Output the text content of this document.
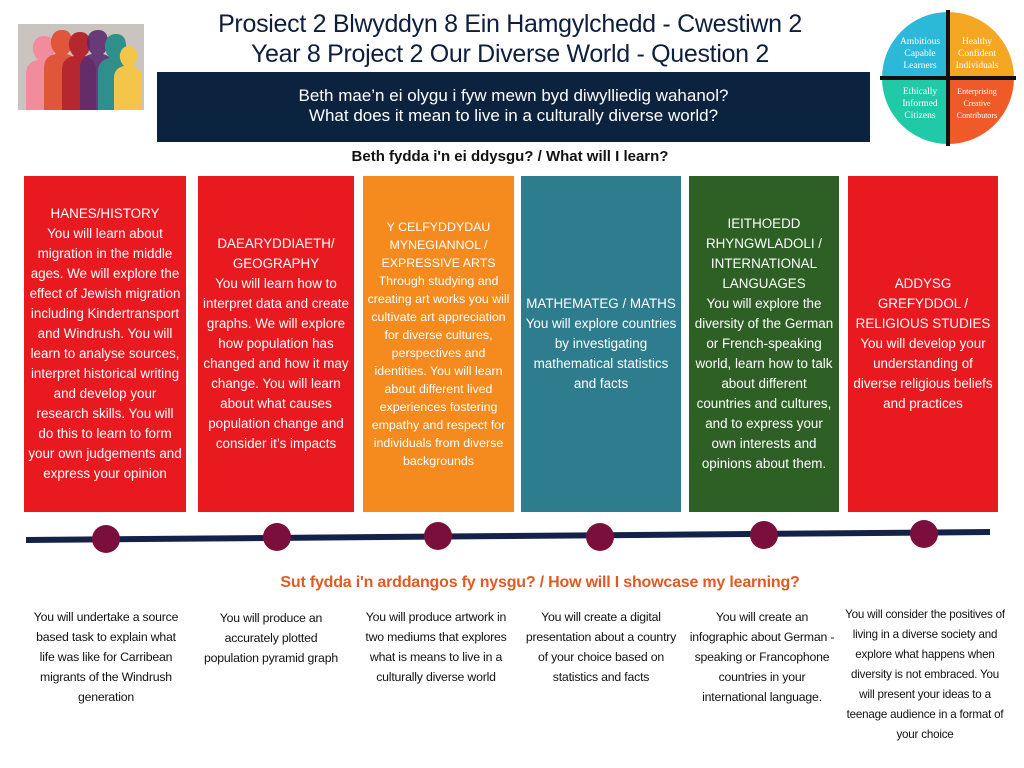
Prosiect 2 Blwyddyn 8 Ein Hamgylchedd - Cwestiwn 2
Year 8 Project 2 Our Diverse World - Question 2	Ambitious
Capable
Learners
Healthy
Confident
Individuals
Ethically
Informed
Citizens
Enterprising
Creative
Contributors
Beth mae’n ei olygu i fyw mewn byd diwylliedig wahanol?
What does it mean to live in a culturally diverse world?
Beth fydda i'n ei ddysgu? / What will I learn?
HANES/HISTORY
You will learn about migration in the middle ages. We will explore the effect of Jewish migration including Kindertransport and Windrush. You will learn to analyse sources, interpret historical writing and develop your research skills. You will do this to learn to form your own judgements and express your opinion
DAEARYDDIAETH/ GEOGRAPHY
You will learn how to interpret data and create graphs. We will explore how population has changed and how it may change. You will learn about what causes population change and consider it’s impacts
Y CELFYDDYDAU MYNEGIANNOL / EXPRESSIVE ARTS
Through studying and creating art works you will cultivate art appreciation for diverse cultures, perspectives and identities. You will learn about different lived experiences fostering empathy and respect for individuals from diverse backgrounds
MATHEMATEG / MATHS
You will explore countries by investigating mathematical statistics and facts
IEITHOEDD RHYNGWLADOLI / INTERNATIONAL LANGUAGES
You will explore the diversity of the German or French-speaking world, learn how to talk about different countries and cultures, and to express your own interests and opinions about them.
ADDYSG GREFYDDOL / RELIGIOUS STUDIES
You will develop your understanding of diverse religious beliefs and practices
Sut fydda i'n arddangos fy nysgu? / How will I showcase my learning?
You will undertake a source based task to explain what life was like for Carribean migrants of the Windrush generation
You will produce an accurately plotted population pyramid graph
You will produce artwork in two mediums that explores what is means to live in a culturally diverse world
You will create a digital presentation about a country of your choice based on statistics and facts
You will create an infographic about German -speaking or Francophone countries in your international language.
You will consider the positives of living in a diverse society and explore what happens when diversity is not embraced. You will present your ideas to a teenage audience in a format of your choice
